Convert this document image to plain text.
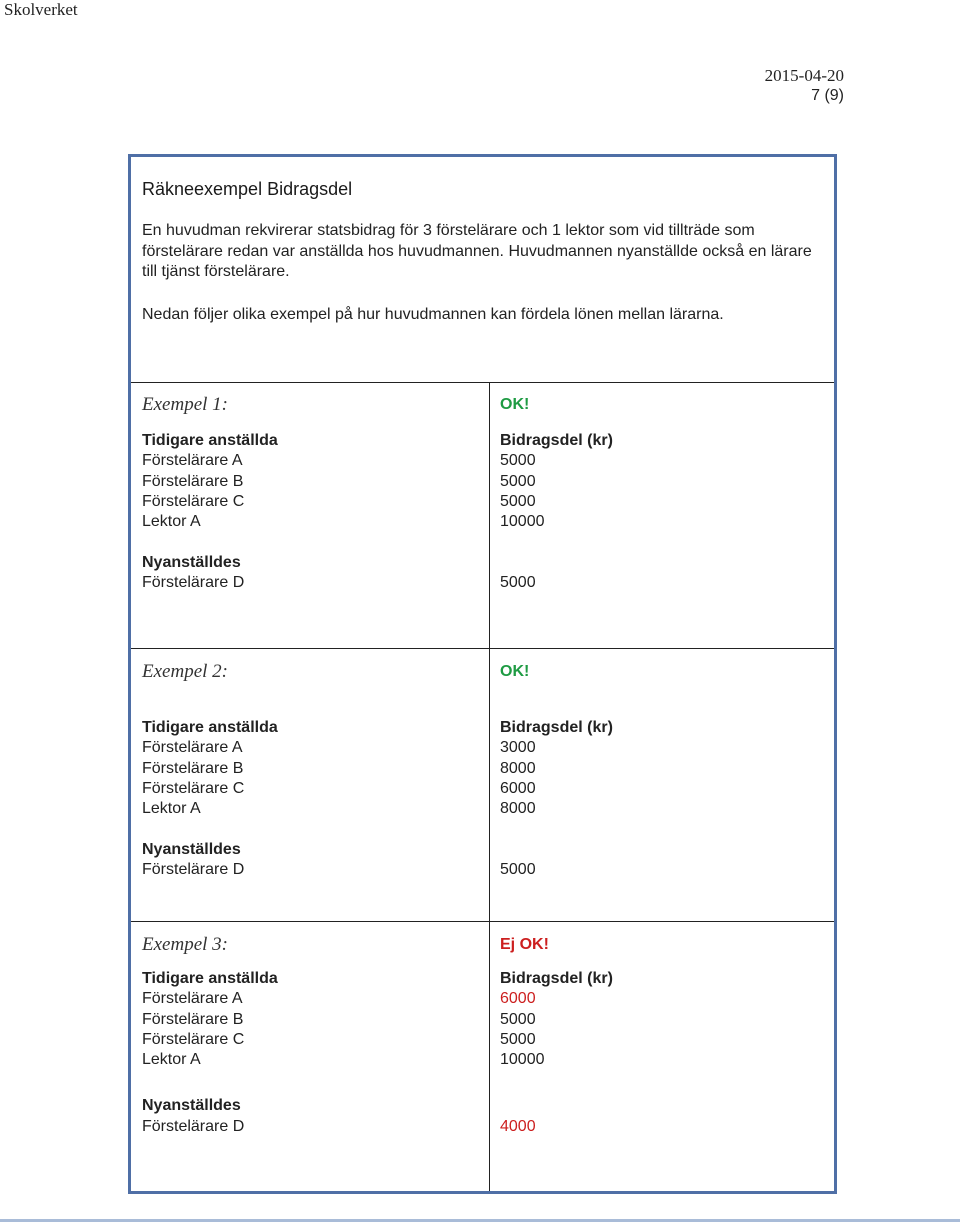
Skolverket
2015-04-20
7 (9)
Räkneexempel Bidragsdel

En huvudman rekvirerar statsbidrag för 3 förstelärare och 1 lektor som vid tillträde som förstelärare redan var anställda hos huvudmannen. Huvudmannen nyanställde också en lärare till tjänst förstelärare.

Nedan följer olika exempel på hur huvudmannen kan fördela lönen mellan lärarna.

Exempel 1:
Tidigare anställda
Förstelärare A
Förstelärare B
Förstelärare C
Lektor A
Nyanställdes
Förstelärare D
OK!
Bidragsdel (kr)
5000
5000
5000
10000
5000
Exempel 2:
Tidigare anställda
Förstelärare A
Förstelärare B
Förstelärare C
Lektor A
Nyanställdes
Förstelärare D
OK!
Bidragsdel (kr)
3000
8000
6000
8000
5000
Exempel 3:
Tidigare anställda
Förstelärare A
Förstelärare B
Förstelärare C
Lektor A
Nyanställdes
Förstelärare D
Ej OK!
Bidragsdel (kr)
6000
5000
5000
10000
4000
